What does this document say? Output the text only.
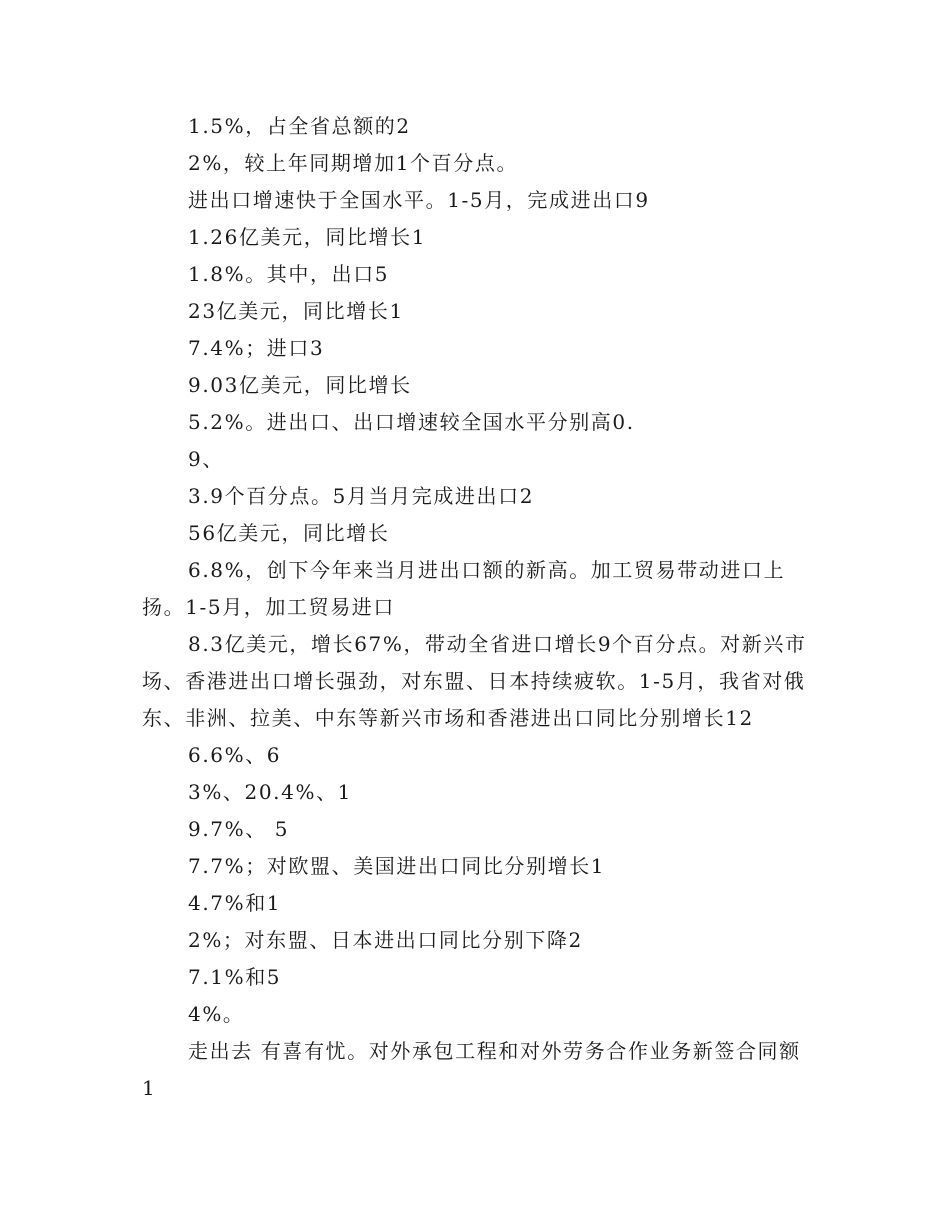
1.5%，占全省总额的2

2%，较上年同期增加1个百分点。

进出口增速快于全国水平。1-5月，完成进出口9

1.26亿美元，同比增长1

1.8%。其中，出口5

23亿美元，同比增长1

7.4%；进口3

9.03亿美元，同比增长

5.2%。进出口、出口增速较全国水平分别高0.

9、

3.9个百分点。5月当月完成进出口2

56亿美元，同比增长

6.8%，创下今年来当月进出口额的新高。加工贸易带动进口上扬。1-5月，加工贸易进口

8.3亿美元，增长67%，带动全省进口增长9个百分点。对新兴市场、香港进出口增长强劲，对东盟、日本持续疲软。1-5月，我省对俄东、非洲、拉美、中东等新兴市场和香港进出口同比分别增长12

6.6%、6

3%、20.4%、1

9.7%、 5

7.7%；对欧盟、美国进出口同比分别增长1

4.7%和1

2%；对东盟、日本进出口同比分别下降2

7.1%和5

4%。

走出去 有喜有忧。对外承包工程和对外劳务合作业务新签合同额1
